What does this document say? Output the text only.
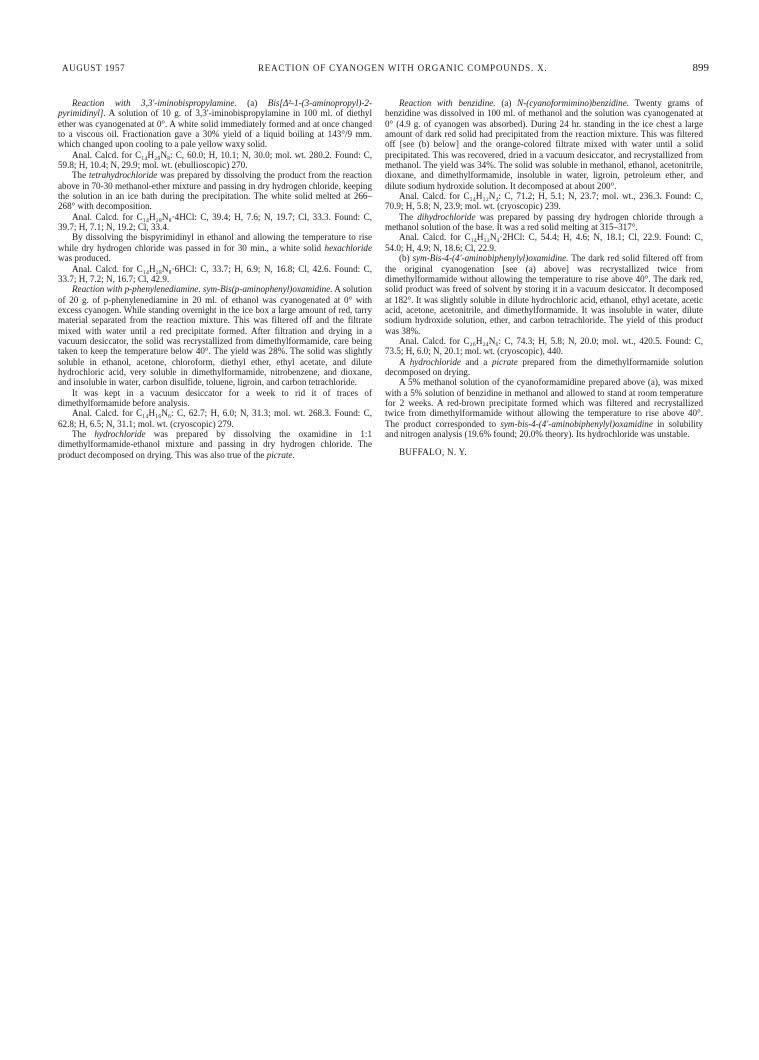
AUGUST 1957	REACTION OF CYANOGEN WITH ORGANIC COMPOUNDS. X.	899

Reaction with 3,3′-iminobispropylamine. (a) Bis[Δ²-1-(3-aminopropyl)-2-pyrimidinyl]. A solution of 10 g. of 3,3′-iminobispropylamine in 100 ml. of diethyl ether was cyanogenated at 0°. A white solid immediately formed and at once changed to a viscous oil. Fractionation gave a 30% yield of a liquid boiling at 143°/9 mm. which changed upon cooling to a pale yellow waxy solid.

Anal. Calcd. for C₁₄H₂₈N₈: C, 60.0; H, 10.1; N, 30.0; mol. wt. 280.2. Found: C, 59.8; H, 10.4; N, 29.9; mol. wt. (ebullioscopic) 270.

The tetrahydrochloride was prepared by dissolving the product from the reaction above in 70-30 methanol-ether mixture and passing in dry hydrogen chloride, keeping the solution in an ice bath during the precipitation. The white solid melted at 266–268° with decomposition.

Anal. Calcd. for C₁₄H₂₈N₈·4HCl: C, 39.4; H, 7.6; N, 19.7; Cl, 33.3. Found: C, 39.7; H, 7.1; N, 19.2; Cl, 33.4.

By dissolving the bispyrimidinyl in ethanol and allowing the temperature to rise while dry hydrogen chloride was passed in for 30 min., a white solid hexachloride was produced.

Anal. Calcd. for C₁₄H₂₈N₈·6HCl: C, 33.7; H, 6.9; N, 16.8; Cl, 42.6. Found: C, 33.7; H, 7.2; N, 16.7; Cl, 42.9.

Reaction with p-phenylenediamine. sym-Bis(p-aminophenyl)oxamidine. A solution of 20 g. of p-phenylenediamine in 20 ml. of ethanol was cyanogenated at 0° with excess cyanogen. While standing overnight in the ice box a large amount of red, tarry material separated from the reaction mixture. This was filtered off and the filtrate mixed with water until a red precipitate formed. After filtration and drying in a vacuum desiccator, the solid was recrystallized from dimethylformamide, care being taken to keep the temperature below 40°. The yield was 28%. The solid was slightly soluble in ethanol, acetone, chloroform, diethyl ether, ethyl acetate, and dilute hydrochloric acid, very soluble in dimethylformamide, nitrobenzene, and dioxane, and insoluble in water, carbon disulfide, toluene, ligroin, and carbon tetrachloride.

It was kept in a vacuum desiccator for a week to rid it of traces of dimethylformamide before analysis.

Anal. Calcd. for C₁₄H₁₆N₆: C, 62.7; H, 6.0; N, 31.3; mol. wt. 268.3. Found: C, 62.8; H, 6.5; N, 31.1; mol. wt. (cryoscopic) 279.

The hydrochloride was prepared by dissolving the oxamidine in 1:1 dimethylformamide-ethanol mixture and passing in dry hydrogen chloride. The product decomposed on drying. This was also true of the picrate.

Reaction with benzidine. (a) N-(cyanoformimino)benzidine. Twenty grams of benzidine was dissolved in 100 ml. of methanol and the solution was cyanogenated at 0° (4.9 g. of cyanogen was absorbed). During 24 hr. standing in the ice chest a large amount of dark red solid had precipitated from the reaction mixture. This was filtered off [see (b) below] and the orange-colored filtrate mixed with water until a solid precipitated. This was recovered, dried in a vacuum desiccator, and recrystallized from methanol. The yield was 34%. The solid was soluble in methanol, ethanol, acetonitrile, dioxane, and dimethylformamide, insoluble in water, ligroin, petroleum ether, and dilute sodium hydroxide solution. It decomposed at about 200°.

Anal. Calcd. for C₁₄H₁₂N₄: C, 71.2; H, 5.1; N, 23.7; mol. wt., 236.3. Found: C, 70.9; H, 5.8; N, 23.9; mol. wt. (cryoscopic) 239.

The dihydrochloride was prepared by passing dry hydrogen chloride through a methanol solution of the base. It was a red solid melting at 315–317°.

Anal. Calcd. for C₁₄H₁₂N₄·2HCl: C, 54.4; H, 4.6; N, 18.1; Cl, 22.9. Found: C, 54.0; H, 4.9; N, 18.6; Cl, 22.9.

(b) sym-Bis-4-(4′-aminobiphenylyl)oxamidine. The dark red solid filtered off from the original cyanogenation [see (a) above] was recrystallized twice from dimethylformamide without allowing the temperature to rise above 40°. The dark red, solid product was freed of solvent by storing it in a vacuum desiccator. It decomposed at 182°. It was slightly soluble in dilute hydrochloric acid, ethanol, ethyl acetate, acetic acid, acetone, acetonitrile, and dimethylformamide. It was insoluble in water, dilute sodium hydroxide solution, ether, and carbon tetrachloride. The yield of this product was 38%.

Anal. Calcd. for C₂₆H₂₄N₆: C, 74.3; H, 5.8; N, 20.0; mol. wt., 420.5. Found: C, 73.5; H, 6.0; N, 20.1; mol. wt. (cryoscopic), 440.

A hydrochloride and a picrate prepared from the dimethylformamide solution decomposed on drying.

A 5% methanol solution of the cyanoformamidine prepared above (a), was mixed with a 5% solution of benzidine in methanol and allowed to stand at room temperature for 2 weeks. A red-brown precipitate formed which was filtered and recrystallized twice from dimethylformamide without allowing the temperature to rise above 40°. The product corresponded to sym-bis-4-(4′-aminobiphenylyl)oxamidine in solubility and nitrogen analysis (19.6% found; 20.0% theory). Its hydrochloride was unstable.

BUFFALO, N. Y.
